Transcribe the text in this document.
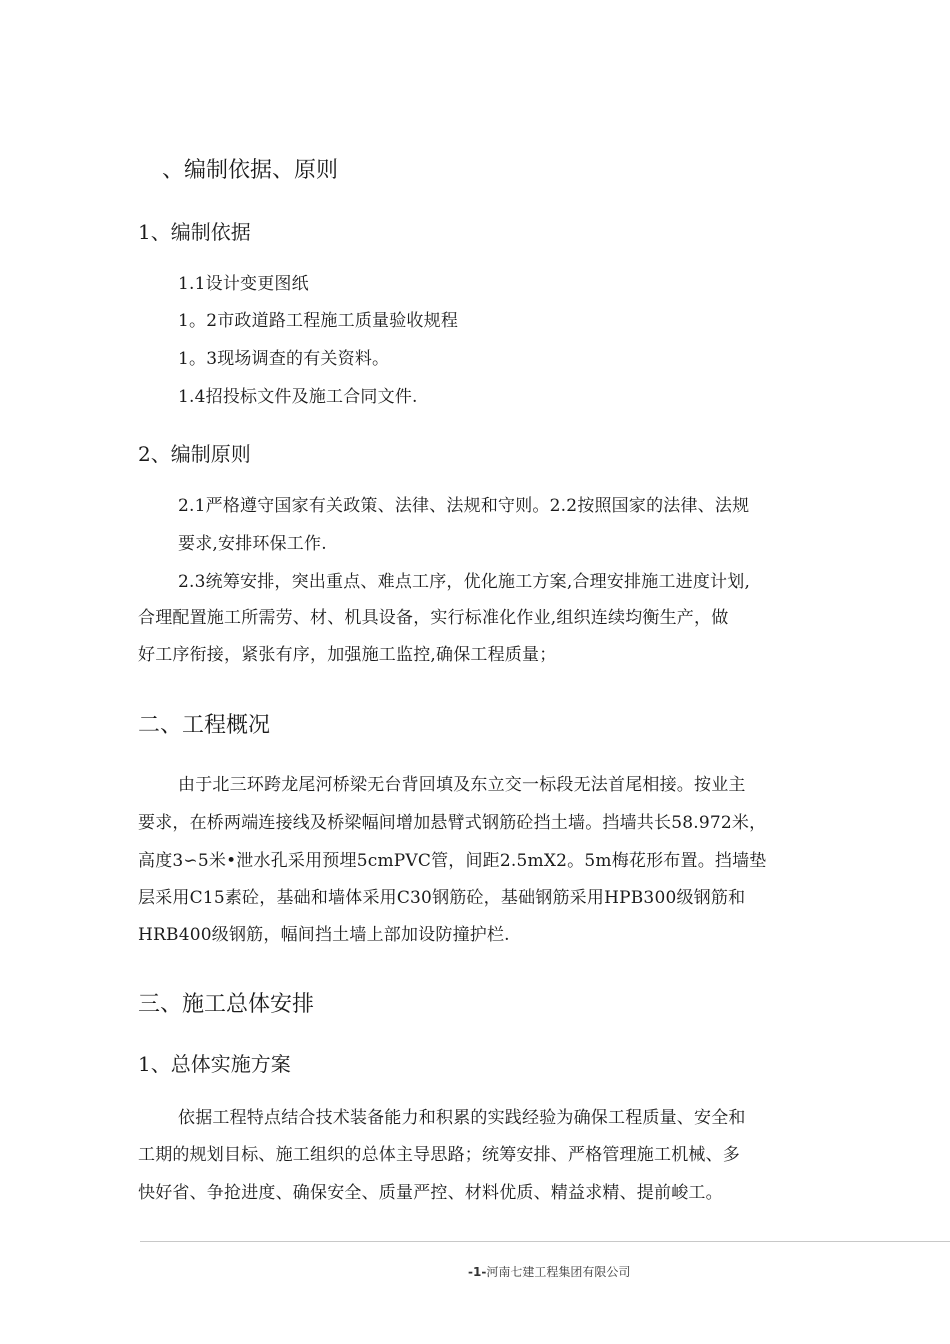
、编制依据、原则
1、编制依据
1.1设计变更图纸
1。2市政道路工程施工质量验收规程
1。3现场调查的有关资料。
1.4招投标文件及施工合同文件.
2、编制原则
2.1严格遵守国家有关政策、法律、法规和守则。2.2按照国家的法律、法规
要求,安排环保工作.
2.3统筹安排，突出重点、难点工序，优化施工方案,合理安排施工进度计划,
合理配置施工所需劳、材、机具设备，实行标准化作业,组织连续均衡生产，做
好工序衔接，紧张有序，加强施工监控,确保工程质量；
二、工程概况
由于北三环跨龙尾河桥梁无台背回填及东立交一标段无法首尾相接。按业主
要求，在桥两端连接线及桥梁幅间增加悬臂式钢筋砼挡土墙。挡墙共长58.972米，
高度3∽5米•泄水孔采用预埋5cmPVC管，间距2.5mX2。5m梅花形布置。挡墙垫
层采用C15素砼，基础和墙体采用C30钢筋砼，基础钢筋采用HPB300级钢筋和
HRB400级钢筋，幅间挡土墙上部加设防撞护栏.
三、施工总体安排
1、总体实施方案
依据工程特点结合技术装备能力和积累的实践经验为确保工程质量、安全和
工期的规划目标、施工组织的总体主导思路；统筹安排、严格管理施工机械、多
快好省、争抢进度、确保安全、质量严控、材料优质、精益求精、提前峻工。
-1-河南七建工程集团有限公司
